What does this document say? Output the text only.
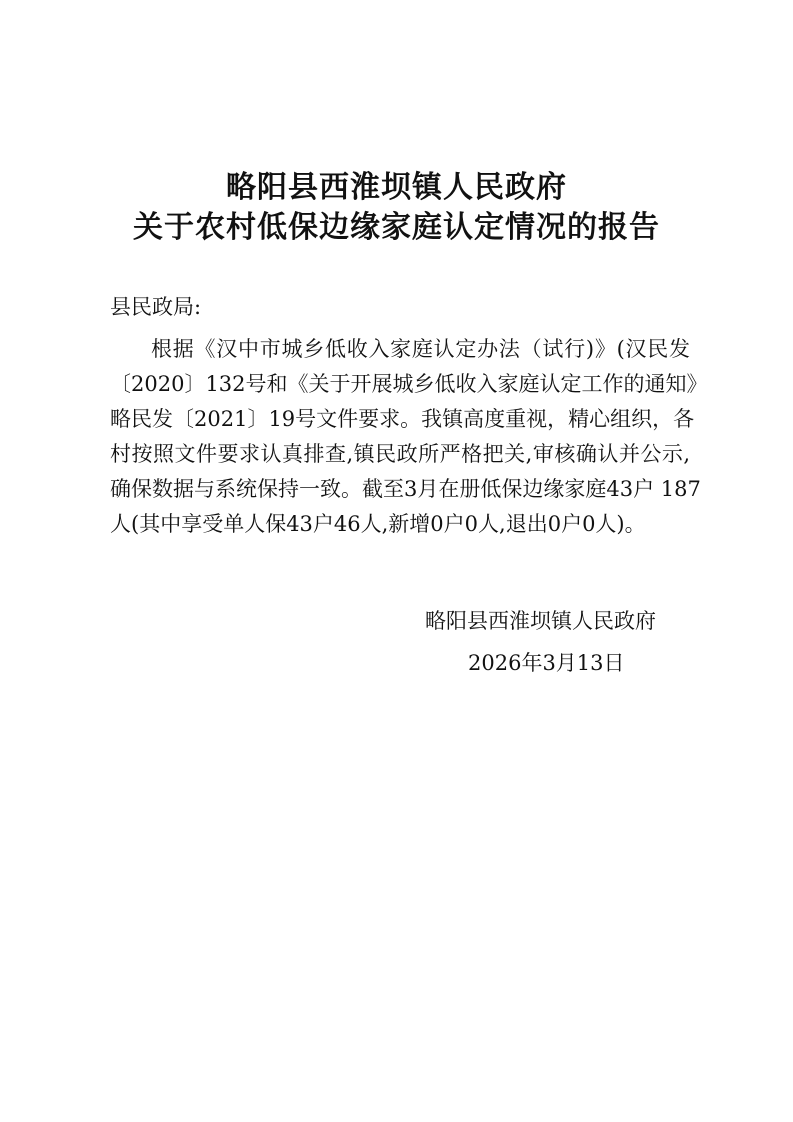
略阳县西淮坝镇人民政府
关于农村低保边缘家庭认定情况的报告
县民政局:
根据《汉中市城乡低收入家庭认定办法（试行)》(汉民发
〔2020〕132号和《关于开展城乡低收入家庭认定工作的通知》
略民发〔2021〕19号文件要求。我镇高度重视，精心组织，各
村按照文件要求认真排查,镇民政所严格把关,审核确认并公示,
确保数据与系统保持一致。截至3月在册低保边缘家庭43户 187
人(其中享受单人保43户46人,新增0户0人,退出0户0人)。
略阳县西淮坝镇人民政府
2026年3月13日
